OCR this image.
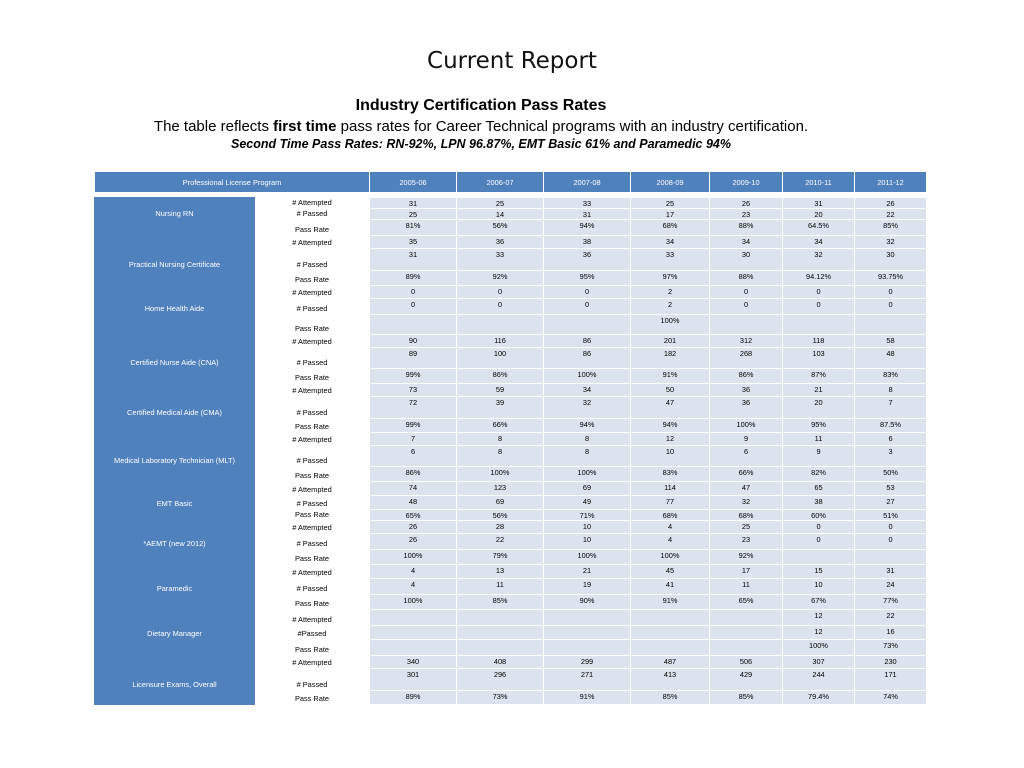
Current Report
Industry Certification Pass Rates
The table reflects first time pass rates for Career Technical programs with an industry certification.
Second Time Pass Rates: RN-92%, LPN 96.87%, EMT Basic 61% and Paramedic 94%
Professional License Program		2005-06	2006-07	2007-08	2008-09	2009-10	2010-11	2011-12

	# Attempted	31	25	33	25	26	31	26
Nursing RN	# Passed	25	14	31	17	23	20	22
	Pass Rate	81%	56%	94%	68%	88%	64.5%	85%
	# Attempted	35	36	38	34	34	34	32
Practical Nursing Certificate	# Passed	31	33	36	33	30	32	30
	Pass Rate	89%	92%	95%	97%	88%	94.12%	93.75%
	# Attempted	0	0	0	2	0	0	0
Home Health Aide	# Passed	0	0	0	2	0	0	0
	Pass Rate				100%			
	# Attempted	90	116	86	201	312	118	58
Certified Nurse Aide (CNA)	# Passed	89	100	86	182	268	103	48
	Pass Rate	99%	86%	100%	91%	86%	87%	83%
	# Attempted	73	59	34	50	36	21	8
Certified Medical Aide (CMA)	# Passed	72	39	32	47	36	20	7
	Pass Rate	99%	66%	94%	94%	100%	95%	87.5%
	# Attempted	7	8	8	12	9	11	6
Medical Laboratory Technician (MLT)	# Passed	6	8	8	10	6	9	3
	Pass Rate	86%	100%	100%	83%	66%	82%	50%
	# Attempted	74	123	69	114	47	65	53
EMT Basic	# Passed	48	69	49	77	32	38	27
	Pass Rate	65%	56%	71%	68%	68%	60%	51%
	# Attempted	26	28	10	4	25	0	0
*AEMT (new 2012)	# Passed	26	22	10	4	23	0	0
	Pass Rate	100%	79%	100%	100%	92%		
	# Attempted	4	13	21	45	17	15	31
Paramedic	# Passed	4	11	19	41	11	10	24
	Pass Rate	100%	85%	90%	91%	65%	67%	77%
	# Attempted						12	22
Dietary Manager	#Passed						12	16
	Pass Rate						100%	73%
	# Attempted	340	408	299	487	506	307	230
Licensure Exams, Overall	# Passed	301	296	271	413	429	244	171
	Pass Rate	89%	73%	91%	85%	85%	79.4%	74%
